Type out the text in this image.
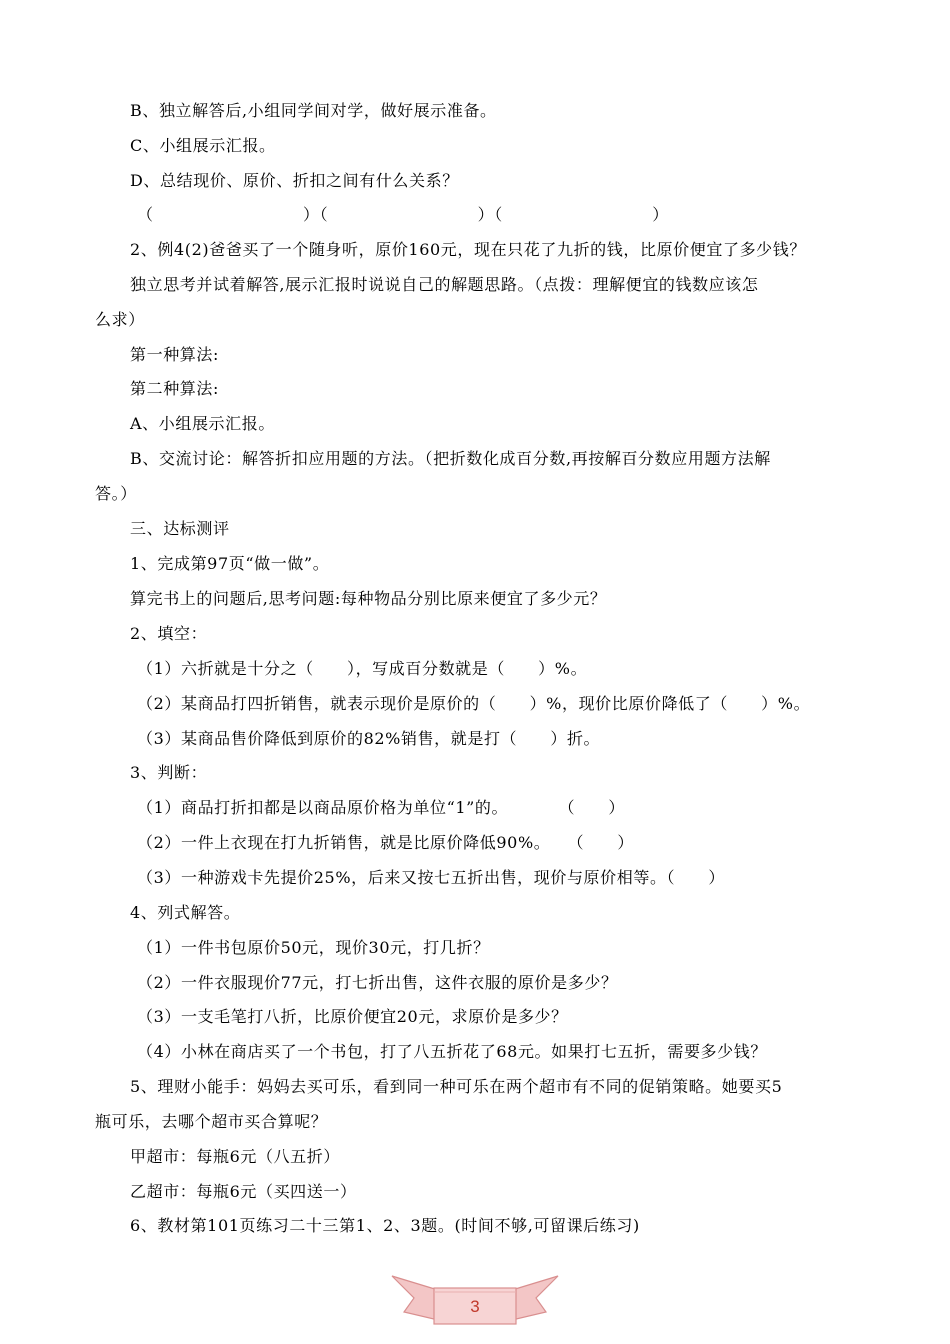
B、独立解答后,小组同学间对学，做好展示准备。
C、小组展示汇报。
D、总结现价、原价、折扣之间有什么关系？
（　　　　　　　　　）（　　　　　　　　　）（　　　　　　　　　）
2、例4(2)爸爸买了一个随身听，原价160元，现在只花了九折的钱，比原价便宜了多少钱？
独立思考并试着解答,展示汇报时说说自己的解题思路。（点拨：理解便宜的钱数应该怎
么求）
第一种算法:
第二种算法:
A、小组展示汇报。
B、交流讨论：解答折扣应用题的方法。（把折数化成百分数,再按解百分数应用题方法解
答。）
三、达标测评
1、完成第97页“做一做”。
算完书上的问题后,思考问题:每种物品分别比原来便宜了多少元？
2、填空：
（1）六折就是十分之（　　），写成百分数就是（　　）%。
（2）某商品打四折销售，就表示现价是原价的（　　）%，现价比原价降低了（　　）%。
（3）某商品售价降低到原价的82%销售，就是打（　　）折。
3、判断：
（1）商品打折扣都是以商品原价格为单位“1”的。　　　　（　　）
（2）一件上衣现在打九折销售，就是比原价降低90%。　　（　　）
（3）一种游戏卡先提价25%，后来又按七五折出售，现价与原价相等。（　　）
4、列式解答。
（1）一件书包原价50元，现价30元，打几折？
（2）一件衣服现价77元，打七折出售，这件衣服的原价是多少？
（3）一支毛笔打八折，比原价便宜20元，求原价是多少？
（4）小林在商店买了一个书包，打了八五折花了68元。如果打七五折，需要多少钱？
5、理财小能手：妈妈去买可乐，看到同一种可乐在两个超市有不同的促销策略。她要买5
瓶可乐，去哪个超市买合算呢？
甲超市：每瓶6元（八五折）
乙超市：每瓶6元（买四送一）
6、教材第101页练习二十三第1、2、3题。(时间不够,可留课后练习)
3
